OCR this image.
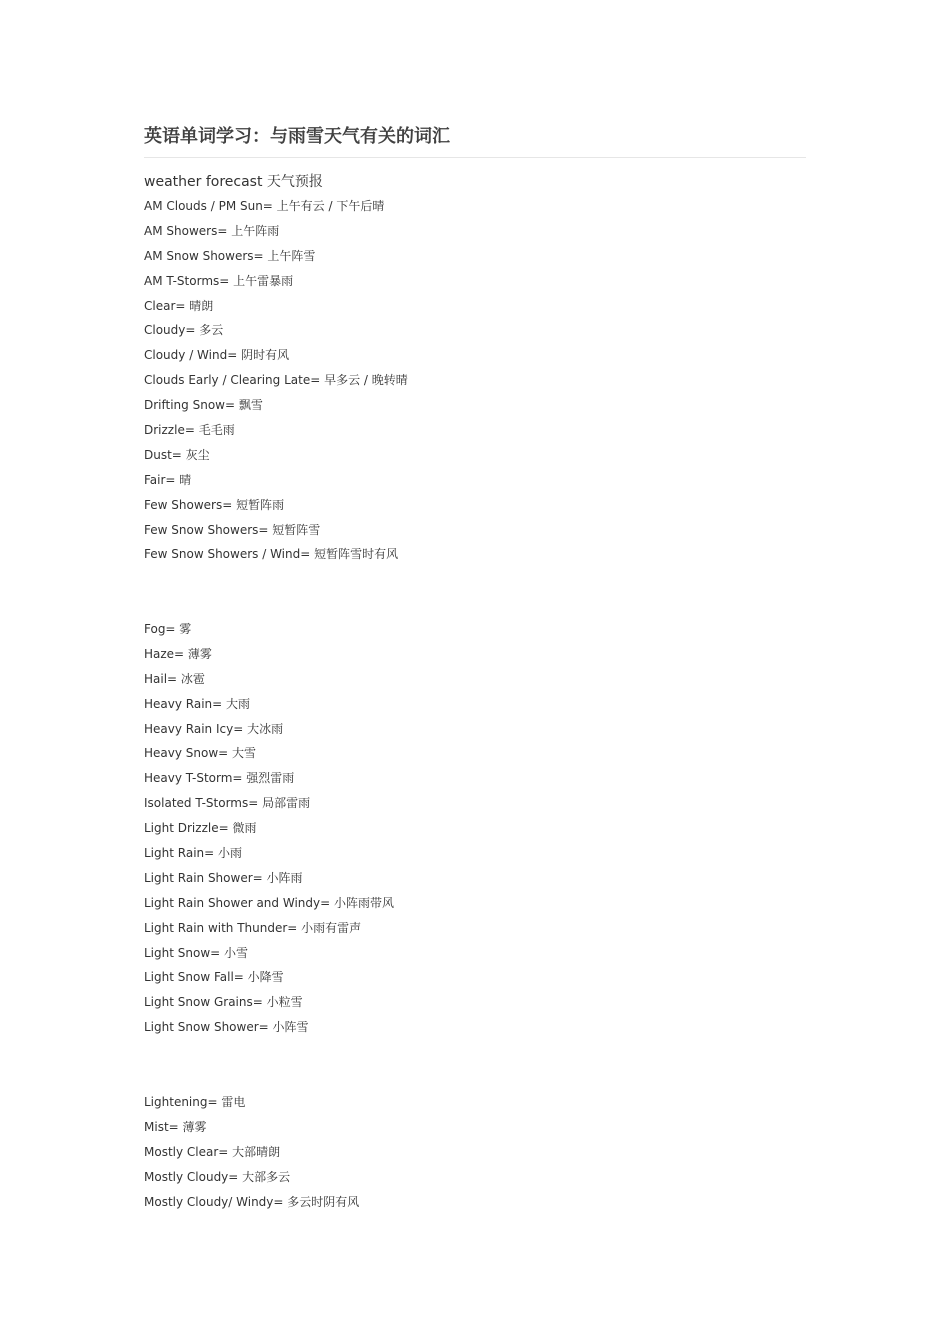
英语单词学习：与雨雪天气有关的词汇
weather forecast 天气预报
AM Clouds / PM Sun= 上午有云 / 下午后晴
AM Showers= 上午阵雨
AM Snow Showers= 上午阵雪
AM T-Storms= 上午雷暴雨
Clear= 晴朗
Cloudy= 多云
Cloudy / Wind= 阴时有风
Clouds Early / Clearing Late= 早多云 / 晚转晴
Drifting Snow= 飘雪
Drizzle= 毛毛雨
Dust= 灰尘
Fair= 晴
Few Showers= 短暂阵雨
Few Snow Showers= 短暂阵雪
Few Snow Showers / Wind= 短暂阵雪时有风
Fog= 雾
Haze= 薄雾
Hail= 冰雹
Heavy Rain= 大雨
Heavy Rain Icy= 大冰雨
Heavy Snow= 大雪
Heavy T-Storm= 强烈雷雨
Isolated T-Storms= 局部雷雨
Light Drizzle= 微雨
Light Rain= 小雨
Light Rain Shower= 小阵雨
Light Rain Shower and Windy= 小阵雨带风
Light Rain with Thunder= 小雨有雷声
Light Snow= 小雪
Light Snow Fall= 小降雪
Light Snow Grains= 小粒雪
Light Snow Shower= 小阵雪
Lightening= 雷电
Mist= 薄雾
Mostly Clear= 大部晴朗
Mostly Cloudy= 大部多云
Mostly Cloudy/ Windy= 多云时阴有风
